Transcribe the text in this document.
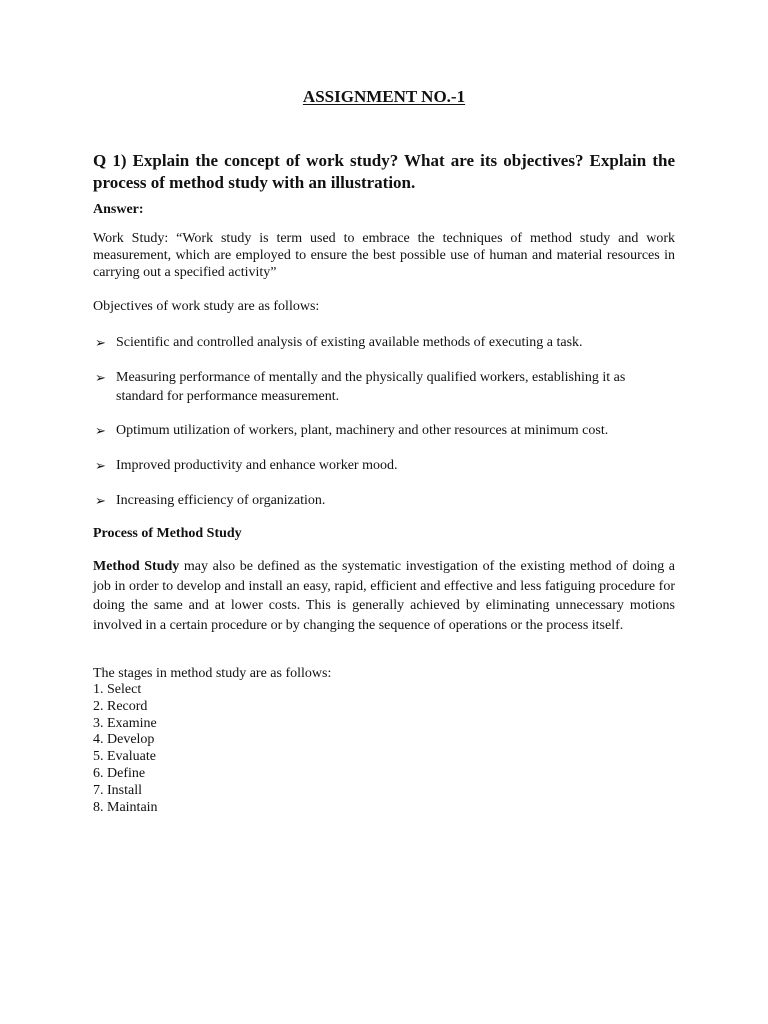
ASSIGNMENT NO.-1
Q 1) Explain the concept of work study? What are its objectives? Explain the process of method study with an illustration.
Answer:
Work Study: “Work study is term used to embrace the techniques of method study and work measurement, which are employed to ensure the best possible use of human and material resources in carrying out a specified activity”
Objectives of work study are as follows:
➢ Scientific and controlled analysis of existing available methods of executing a task.
➢ Measuring performance of mentally and the physically qualified workers, establishing it as standard for performance measurement.
➢ Optimum utilization of workers, plant, machinery and other resources at minimum cost.
➢ Improved productivity and enhance worker mood.
➢ Increasing efficiency of organization.
Process of Method Study
Method Study may also be defined as the systematic investigation of the existing method of doing a job in order to develop and install an easy, rapid, efficient and effective and less fatiguing procedure for doing the same and at lower costs. This is generally achieved by eliminating unnecessary motions involved in a certain procedure or by changing the sequence of operations or the process itself.
The stages in method study are as follows:
1. Select
2. Record
3. Examine
4. Develop
5. Evaluate
6. Define
7. Install
8. Maintain
